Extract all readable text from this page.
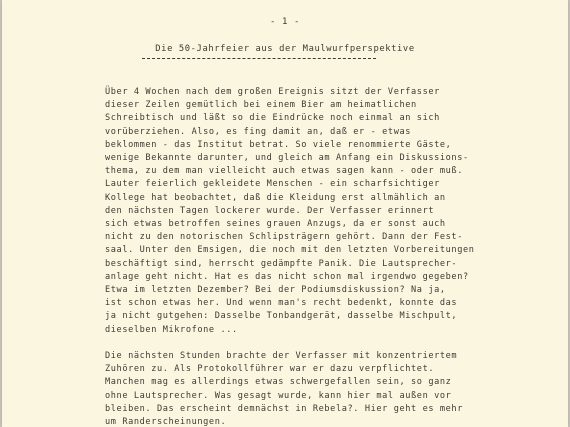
- 1 -
Die 50-Jahrfeier aus der Maulwurfperspektive
Über 4 Wochen nach dem großen Ereignis sitzt der Verfasser
dieser Zeilen gemütlich bei einem Bier am heimatlichen
Schreibtisch und läßt so die Eindrücke noch einmal an sich
vorüberziehen. Also, es fing damit an, daß er - etwas
beklommen - das Institut betrat. So viele renommierte Gäste,
wenige Bekannte darunter, und gleich am Anfang ein Diskussions-
thema, zu dem man vielleicht auch etwas sagen kann - oder muß.
Lauter feierlich gekleidete Menschen - ein scharfsichtiger
Kollege hat beobachtet, daß die Kleidung erst allmählich an
den nächsten Tagen lockerer wurde. Der Verfasser erinnert
sich etwas betroffen seines grauen Anzugs, da er sonst auch
nicht zu den notorischen Schlipsträgern gehört. Dann der Fest-
saal. Unter den Emsigen, die noch mit den letzten Vorbereitungen
beschäftigt sind, herrscht gedämpfte Panik. Die Lautsprecher-
anlage geht nicht. Hat es das nicht schon mal irgendwo gegeben?
Etwa im letzten Dezember? Bei der Podiumsdiskussion? Na ja,
ist schon etwas her. Und wenn man's recht bedenkt, konnte das
ja nicht gutgehen: Dasselbe Tonbandgerät, dasselbe Mischpult,
dieselben Mikrofone ...
Die nächsten Stunden brachte der Verfasser mit konzentriertem
Zuhören zu. Als Protokollführer war er dazu verpflichtet.
Manchen mag es allerdings etwas schwergefallen sein, so ganz
ohne Lautsprecher. Was gesagt wurde, kann hier mal außen vor
bleiben. Das erscheint demnächst in Rebela?. Hier geht es mehr
um Randerscheinungen.
